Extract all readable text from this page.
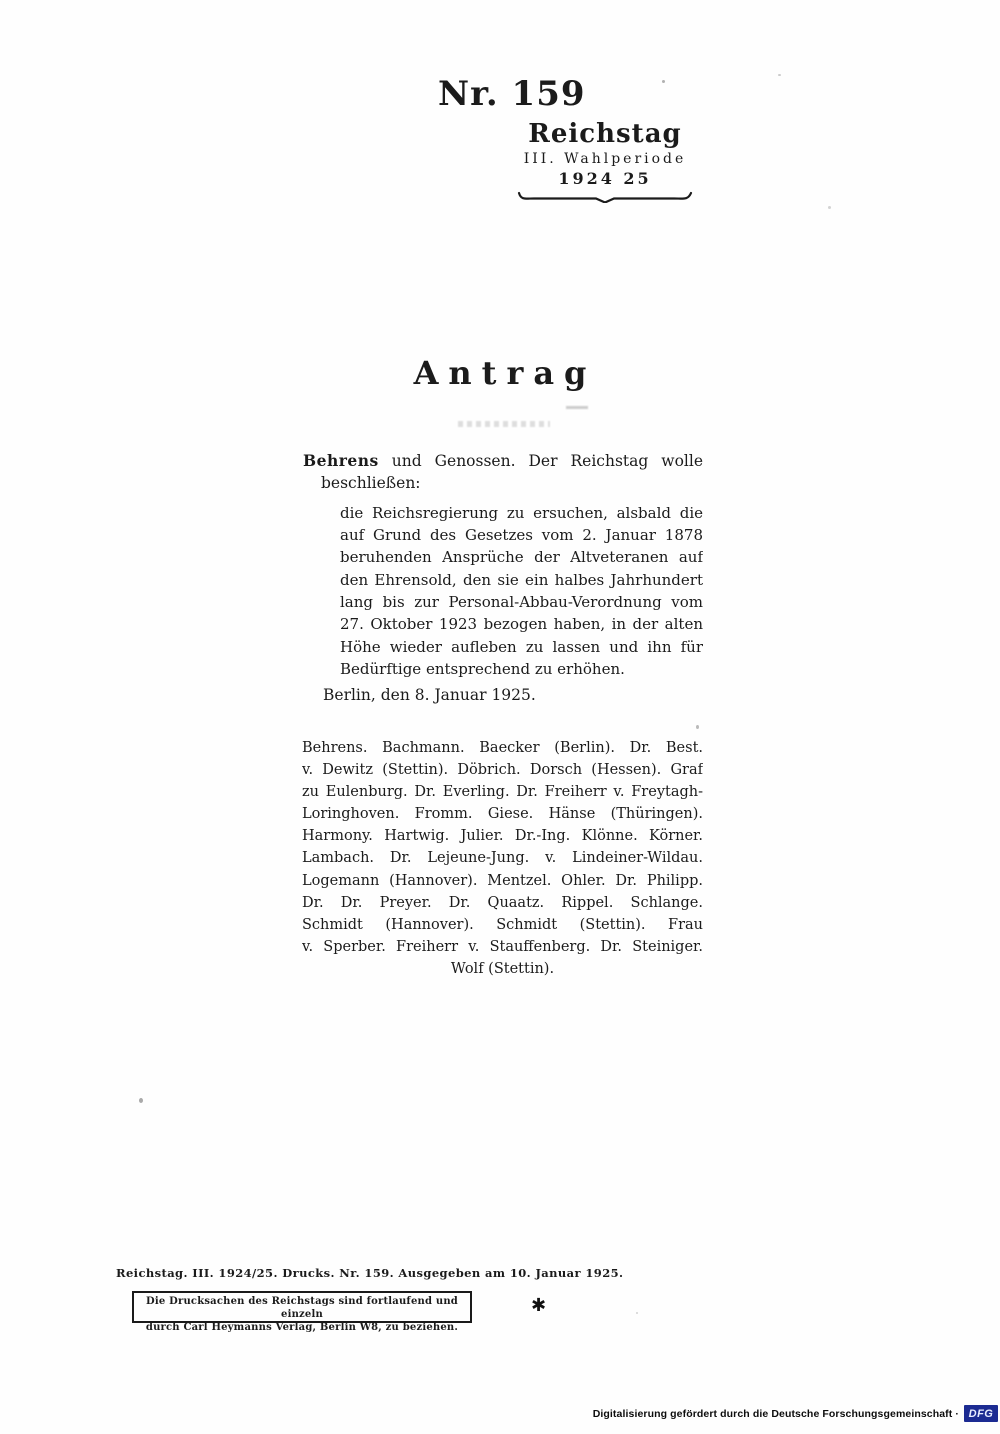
Nr. 159
Reichstag
III. Wahlperiode
1924 25
Antrag
Behrens und Genossen. Der Reichstag wolle
beschließen:
die Reichsregierung zu ersuchen, alsbald die
auf Grund des Gesetzes vom 2. Januar 1878
beruhenden Ansprüche der Altveteranen auf
den Ehrensold, den sie ein halbes Jahrhundert
lang bis zur Personal-Abbau-Verordnung vom
27. Oktober 1923 bezogen haben, in der alten
Höhe wieder aufleben zu lassen und ihn für
Bedürftige entsprechend zu erhöhen.
Berlin, den 8. Januar 1925.
Behrens. Bachmann. Baecker (Berlin). Dr. Best.
v. Dewitz (Stettin). Döbrich. Dorsch (Hessen). Graf
zu Eulenburg. Dr. Everling. Dr. Freiherr v. Freytagh-
Loringhoven. Fromm. Giese. Hänse (Thüringen).
Harmony. Hartwig. Julier. Dr.-Ing. Klönne. Körner.
Lambach. Dr. Lejeune-Jung. v. Lindeiner-Wildau.
Logemann (Hannover). Mentzel. Ohler. Dr. Philipp.
Dr. Dr. Preyer. Dr. Quaatz. Rippel. Schlange.
Schmidt (Hannover). Schmidt (Stettin). Frau
v. Sperber. Freiherr v. Stauffenberg. Dr. Steiniger.
Wolf (Stettin).
Reichstag. III. 1924/25. Drucks. Nr. 159. Ausgegeben am 10. Januar 1925.
Die Drucksachen des Reichstags sind fortlaufend und einzeln
durch Carl Heymanns Verlag, Berlin W8, zu beziehen.
✱
Digitalisierung gefördert durch die Deutsche Forschungsgemeinschaft · DFG
